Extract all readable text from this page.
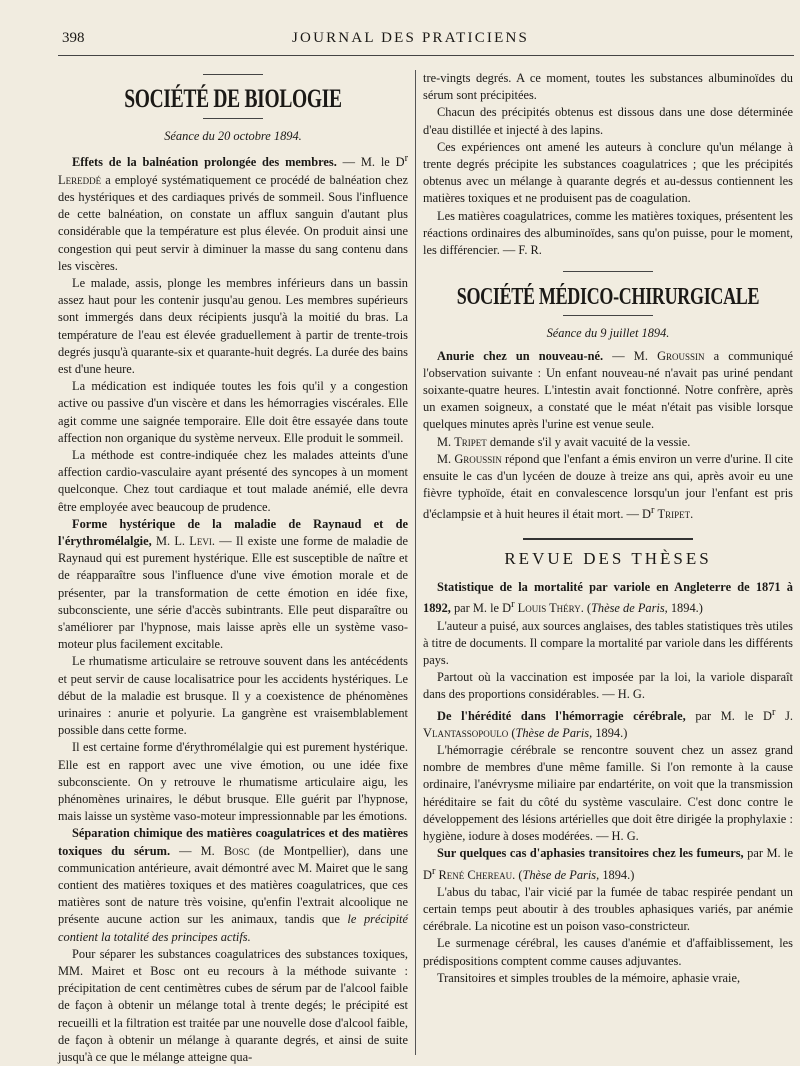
398	JOURNAL DES PRATICIENS
SOCIÉTÉ DE BIOLOGIE
Séance du 20 octobre 1894.

Effets de la balnéation prolongée des membres. — M. le $D^r$ Lereddé a employé systématiquement ce procédé de balnéation chez des hystériques et des cardiaques privés de sommeil. Sous l'influence de cette balnéation, on constate un afflux sanguin d'autant plus considérable que la température est plus élevée. On produit ainsi une congestion qui peut servir à diminuer la masse du sang contenu dans les viscères.

Le malade, assis, plonge les membres inférieurs dans un bassin assez haut pour les contenir jusqu'au genou. Les membres supérieurs sont immergés dans deux récipients jusqu'à la moitié du bras. La température de l'eau est élevée graduellement à partir de trente-trois degrés jusqu'à quarante-six et quarante-huit degrés. La durée des bains est d'une heure.

La médication est indiquée toutes les fois qu'il y a congestion active ou passive d'un viscère et dans les hémorragies viscérales. Elle agit comme une saignée temporaire. Elle doit être essayée dans toute affection non organique du système nerveux. Elle produit le sommeil.

La méthode est contre-indiquée chez les malades atteints d'une affection cardio-vasculaire ayant présenté des syncopes à un moment quelconque. Chez tout cardiaque et tout malade anémié, elle devra être employée avec beaucoup de prudence.

Forme hystérique de la maladie de Raynaud et de l'érythromélalgie, M. L. Levi. — Il existe une forme de maladie de Raynaud qui est purement hystérique. Elle est susceptible de naître et de réapparaître sous l'influence d'une vive émotion morale et de présenter, par la transformation de cette émotion en idée fixe, subconsciente, une série d'accès subintrants. Elle peut disparaître ou s'améliorer par l'hypnose, mais laisse après elle un système vaso-moteur plus facilement excitable.

Le rhumatisme articulaire se retrouve souvent dans les antécédents et peut servir de cause localisatrice pour les accidents hystériques. Le début de la maladie est brusque. Il y a coexistence de phénomènes urinaires : anurie et polyurie. La gangrène est vraisemblablement possible dans cette forme.

Il est certaine forme d'érythromélalgie qui est purement hystérique. Elle est en rapport avec une vive émotion, ou une idée fixe subconsciente. On y retrouve le rhumatisme articulaire aigu, les phénomènes urinaires, le début brusque. Elle guérit par l'hypnose, mais laisse un système vaso-moteur impressionnable par les émotions.

Séparation chimique des matières coagulatrices et des matières toxiques du sérum. — M. Bosc (de Montpellier), dans une communication antérieure, avait démontré avec M. Mairet que le sang contient des matières toxiques et des matières coagulatrices, que ces matières sont de nature très voisine, qu'enfin l'extrait alcoolique ne présente aucune action sur les animaux, tandis que le précipité contient la totalité des principes actifs.

Pour séparer les substances coagulatrices des substances toxiques, MM. Mairet et Bosc ont eu recours à la méthode suivante : précipitation de cent centimètres cubes de sérum par de l'alcool faible de façon à obtenir un mélange total à trente degés; le précipité est recueilli et la filtration est traitée par une nouvelle dose d'alcool faible, de façon à obtenir un mélange à quarante degrés, et ainsi de suite jusqu'à ce que le mélange atteigne qua-

tre-vingts degrés. A ce moment, toutes les substances albuminoïdes du sérum sont précipitées.

Chacun des précipités obtenus est dissous dans une dose déterminée d'eau distillée et injecté à des lapins.

Ces expériences ont amené les auteurs à conclure qu'un mélange à trente degrés précipite les substances coagulatrices ; que les précipités obtenus avec un mélange à quarante degrés et au-dessus contiennent les matières toxiques et ne produisent pas de coagulation.

Les matières coagulatrices, comme les matières toxiques, présentent les réactions ordinaires des albuminoïdes, sans qu'on puisse, pour le moment, les différencier. — F. R.

SOCIÉTÉ MÉDICO-CHIRURGICALE
Séance du 9 juillet 1894.

Anurie chez un nouveau-né. — M. Groussin a communiqué l'observation suivante : Un enfant nouveau-né n'avait pas uriné pendant soixante-quatre heures. L'intestin avait fonctionné. Notre confrère, après un examen soigneux, a constaté que le méat n'était pas visible lorsque quelques minutes après l'urine est venue seule.

M. Tripet demande s'il y avait vacuité de la vessie.

M. Groussin répond que l'enfant a émis environ un verre d'urine. Il cite ensuite le cas d'un lycéen de douze à treize ans qui, après avoir eu une fièvre typhoïde, était en convalescence lorsqu'un jour l'enfant est pris d'éclampsie et à huit heures il était mort. — $D^r$ Tripet.

REVUE DES THÈSES

Statistique de la mortalité par variole en Angleterre de 1871 à 1892, par M. le $D^r$ Louis Théry. (Thèse de Paris, 1894.)

L'auteur a puisé, aux sources anglaises, des tables statistiques très utiles à titre de documents. Il compare la mortalité par variole dans les différents pays.

Partout où la vaccination est imposée par la loi, la variole disparaît dans des proportions considérables. — H. G.

De l'hérédité dans l'hémorragie cérébrale, par M. le $D^r$ J. Vlantassopoulo (Thèse de Paris, 1894.)

L'hémorragie cérébrale se rencontre souvent chez un assez grand nombre de membres d'une même famille. Si l'on remonte à la cause ordinaire, l'anévrysme miliaire par endartérite, on voit que la transmission héréditaire se fait du côté du système vasculaire. C'est donc contre le développement des lésions artérielles que doit être dirigée la prophylaxie : hygiène, iodure à doses modérées. — H. G.

Sur quelques cas d'aphasies transitoires chez les fumeurs, par M. le $D^r$ René Chereau. (Thèse de Paris, 1894.)

L'abus du tabac, l'air vicié par la fumée de tabac respirée pendant un certain temps peut aboutir à des troubles aphasiques variés, par anémie cérébrale. La nicotine est un poison vaso-constricteur.

Le surmenage cérébral, les causes d'anémie et d'affaiblissement, les prédispositions comptent comme causes adjuvantes.

Transitoires et simples troubles de la mémoire, aphasie vraie,
